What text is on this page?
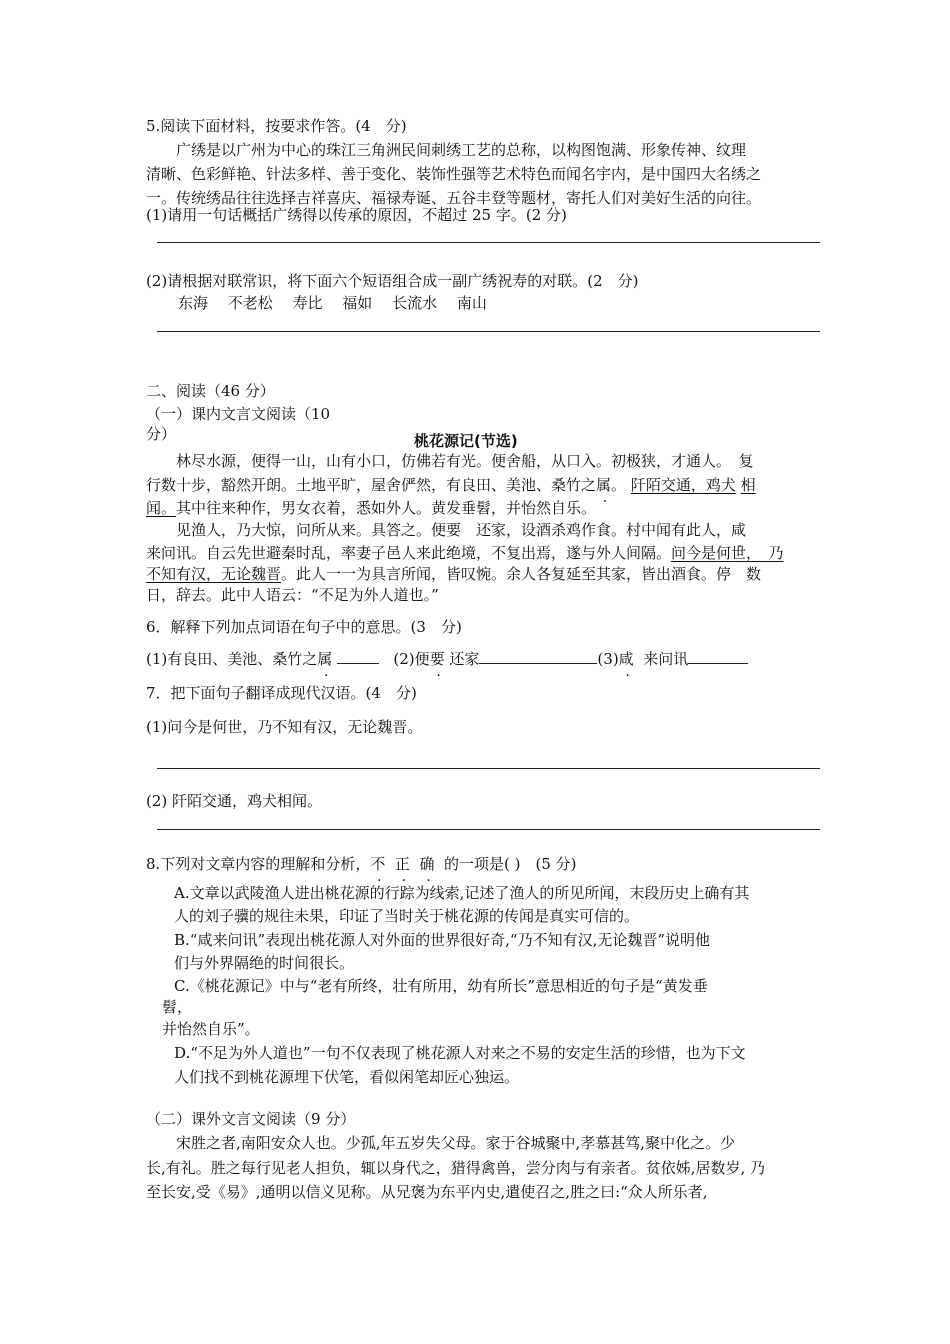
5.阅读下面材料，按要求作答。(4　分)
　　广绣是以广州为中心的珠江三角洲民间刺绣工艺的总称，以构图饱满、形象传神、纹理
清晰、色彩鲜艳、针法多样、善于变化、装饰性强等艺术特色而闻名宇内，是中国四大名绣之
一。传统绣品往往选择吉祥喜庆、福禄寿诞、五谷丰登等题材，寄托人们对美好生活的向往。
(1)请用一句话概括广绣得以传承的原因，不超过 25 字。(2 分)
(2)请根据对联常识，将下面六个短语组合成一副广绣祝寿的对联。(2　分)
东海　 不老松　 寿比　 福如　 长流水　 南山
二、阅读（46 分）
（一）课内文言文阅读（10
分）	桃花源记(节选)
　　林尽水源，便得一山，山有小口，仿佛若有光。便舍船，从口入。初极狭，才通人。　复
行数十步，豁然开朗。土地平旷，屋舍俨然，有良田、美池、桑竹之属。 阡陌交通，鸡犬 相
闻。其中往来种作，男女衣着，悉如外人。黄发垂髫，并怡然自乐。
　　见渔人，乃大惊，问所从来。具答之。便要　还家，设酒杀鸡作食。村中闻有此人，咸
来问讯。自云先世避秦时乱，率妻子邑人来此绝境，不复出焉，遂与外人间隔。问今是何世，　乃
不知有汉，无论魏晋。此人一一为具言所闻，皆叹惋。余人各复延至其家，皆出酒食。停　数
日，辞去。此中人语云：“不足为外人道也。”
6．解释下列加点词语在句子中的意思。(3　分)
(1)有良田、美池、桑竹之属	(2)便要 还家	(3)咸 来问讯
7．把下面句子翻译成现代汉语。(4　分)
(1)问今是何世，乃不知有汉，无论魏晋。
(2) 阡陌交通，鸡犬相闻。
8.下列对文章内容的理解和分析，不 正 确 的一项是( )　(5 分)
A.文章以武陵渔人进出桃花源的行踪为线索,记述了渔人的所见所闻，末段历史上确有其
人的刘子骥的规往未果，印证了当时关于桃花源的传闻是真实可信的。
B.“咸来问讯”表现出桃花源人对外面的世界很好奇,“乃不知有汉,无论魏晋”说明他
们与外界隔绝的时间很长。
C.《桃花源记》中与“老有所终，壮有所用，幼有所长”意思相近的句子是“黄发垂
髫，
并怡然自乐”。
D.“不足为外人道也”一句不仅表现了桃花源人对来之不易的安定生活的珍惜，也为下文
人们找不到桃花源埋下伏笔，看似闲笔却匠心独运。
（二）课外文言文阅读（9 分）
　　宋胜之者,南阳安众人也。少孤,年五岁失父母。家于谷城聚中,孝慕甚笃,聚中化之。少
长,有礼。胜之每行见老人担负，辄以身代之，猎得禽兽，尝分肉与有亲者。贫依姊,居数岁, 乃
至长安,受《易》,通明以信义见称。从兄褒为东平内史,遣使召之,胜之曰:“众人所乐者,
